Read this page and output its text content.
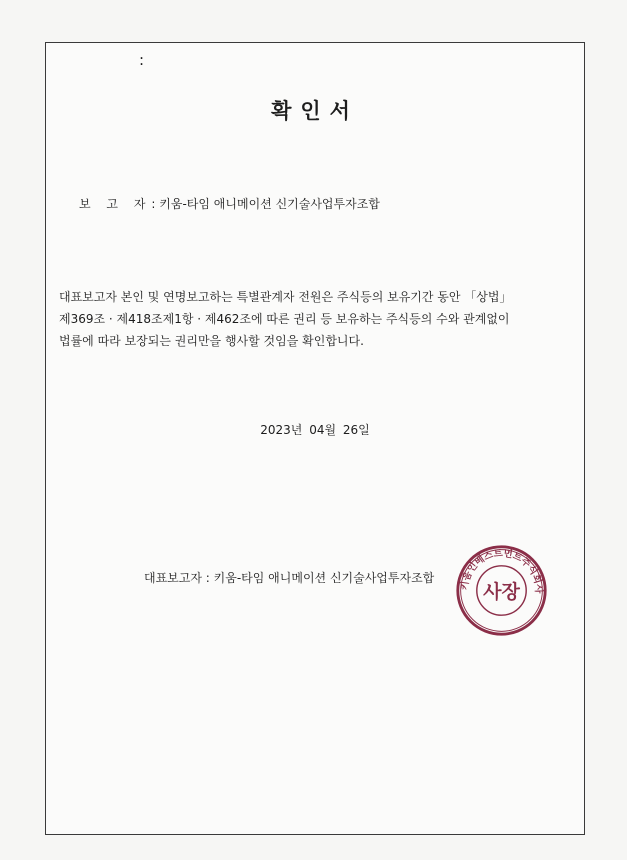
:
확인서
보 고 자: 키움-타임 애니메이션 신기술사업투자조합

대표보고자 본인 및 연명보고하는 특별관계자 전원은 주식등의 보유기간 동안 「상법」

제369조 · 제418조제1항 · 제462조에 따른 권리 등 보유하는 주식등의 수와 관계없이

법률에 따라 보장되는 권리만을 행사할 것임을 확인합니다.

2023년 04월 26일
대표보고자 : 키움-타임 애니메이션 신기술사업투자조합
키움인베스트먼트주식회사
사장
